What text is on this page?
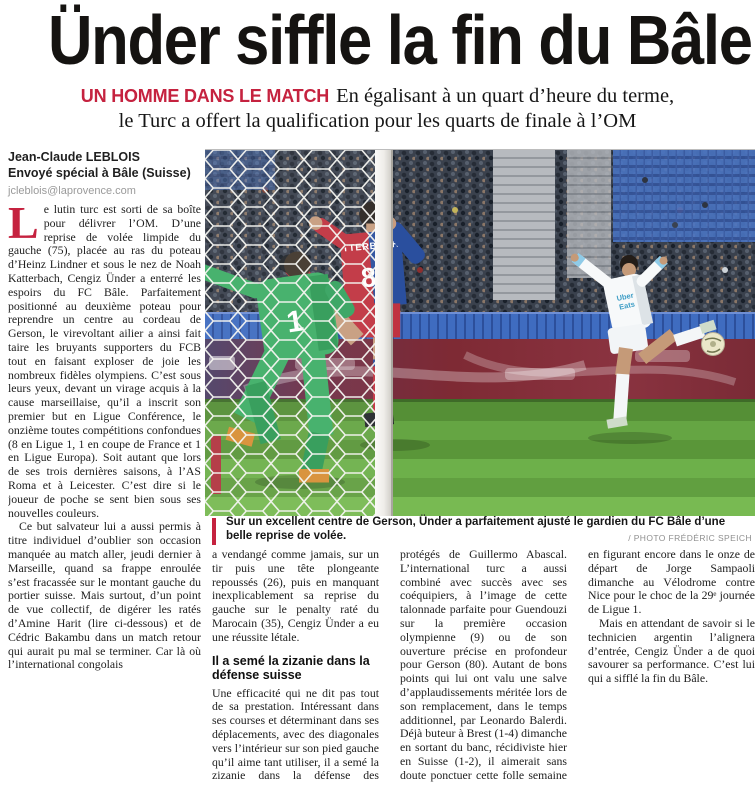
Ünder siffle la fin du Bâle
UN HOMME DANS LE MATCH En égalisant à un quart d’heure du terme,
le Turc a offert la qualification pour les quarts de finale à l’OM
Jean-Claude LEBLOIS
Envoyé spécial à Bâle (Suisse)
jcleblois@laprovence.com
Uber
Eats
Sur un excellent centre de Gerson, Ünder a parfaitement ajusté le gardien du FC Bâle d’une belle reprise de volée.	/ PHOTO FRÉDÉRIC SPEICH

Le lutin turc est sorti de sa boîte pour délivrer l’OM. D’une reprise de volée limpide du gauche (75), placée au ras du poteau d’Heinz Lindner et sous le nez de Noah Katterbach, Cengiz Ünder a enterré les espoirs du FC Bâle. Parfaitement positionné au deuxième poteau pour reprendre un centre au cordeau de Gerson, le virevoltant ailier a ainsi fait taire les bruyants supporters du FCB tout en faisant exploser de joie les nombreux fidèles olympiens. C’est sous leurs yeux, devant un virage acquis à la cause marseillaise, qu’il a inscrit son premier but en Ligue Conférence, le onzième toutes compétitions confondues (8 en Ligue 1, 1 en coupe de France et 1 en Ligue Europa). Soit autant que lors de ses trois dernières saisons, à l’AS Roma et à Leicester. C’est dire si le joueur de poche se sent bien sous ses nouvelles couleurs.

Ce but salvateur lui a aussi permis à titre individuel d’oublier son occasion manquée au match aller, jeudi dernier à Marseille, quand sa frappe enroulée s’est fracassée sur le montant gauche du portier suisse. Mais surtout, d’un point de vue collectif, de digérer les ratés d’Amine Harit (lire ci-dessous) et de Cédric Bakambu dans un match retour qui aurait pu mal se terminer. Car là où l’international congolais

a vendangé comme jamais, sur un tir puis une tête plongeante repoussés (26), puis en manquant inexplicablement sa reprise du gauche sur le penalty raté du Marocain (35), Cengiz Ünder a eu une réussite létale.

Il a semé la zizanie dans la défense suisse

Une efficacité qui ne dit pas tout de sa prestation. Intéressant dans ses courses et déterminant dans ses déplacements, avec des diagonales vers l’intérieur sur son pied gauche qu’il aime tant utiliser, il a semé la zizanie dans la défense des protégés de Guillermo Abascal. L’international turc a aussi combiné avec succès avec ses coéquipiers, à l’image de cette talonnade parfaite pour Guendouzi sur la première occasion olympienne (9) ou de son ouverture précise en profondeur pour Gerson (80). Autant de bons points qui lui ont valu une salve d’applaudissements méritée lors de son remplacement, dans le temps additionnel, par Leonardo Balerdi. Déjà buteur à Brest (1-4) dimanche en sortant du banc, récidiviste hier en Suisse (1-2), il aimerait sans doute ponctuer cette folle semaine en figurant encore dans le onze de départ de Jorge Sampaoli dimanche au Vélodrome contre Nice pour le choc de la 29ᵉ journée de Ligue 1.

Mais en attendant de savoir si le technicien argentin l’alignera d’entrée, Cengiz Ünder a de quoi savourer sa performance. C’est lui qui a sifflé la fin du Bâle.
